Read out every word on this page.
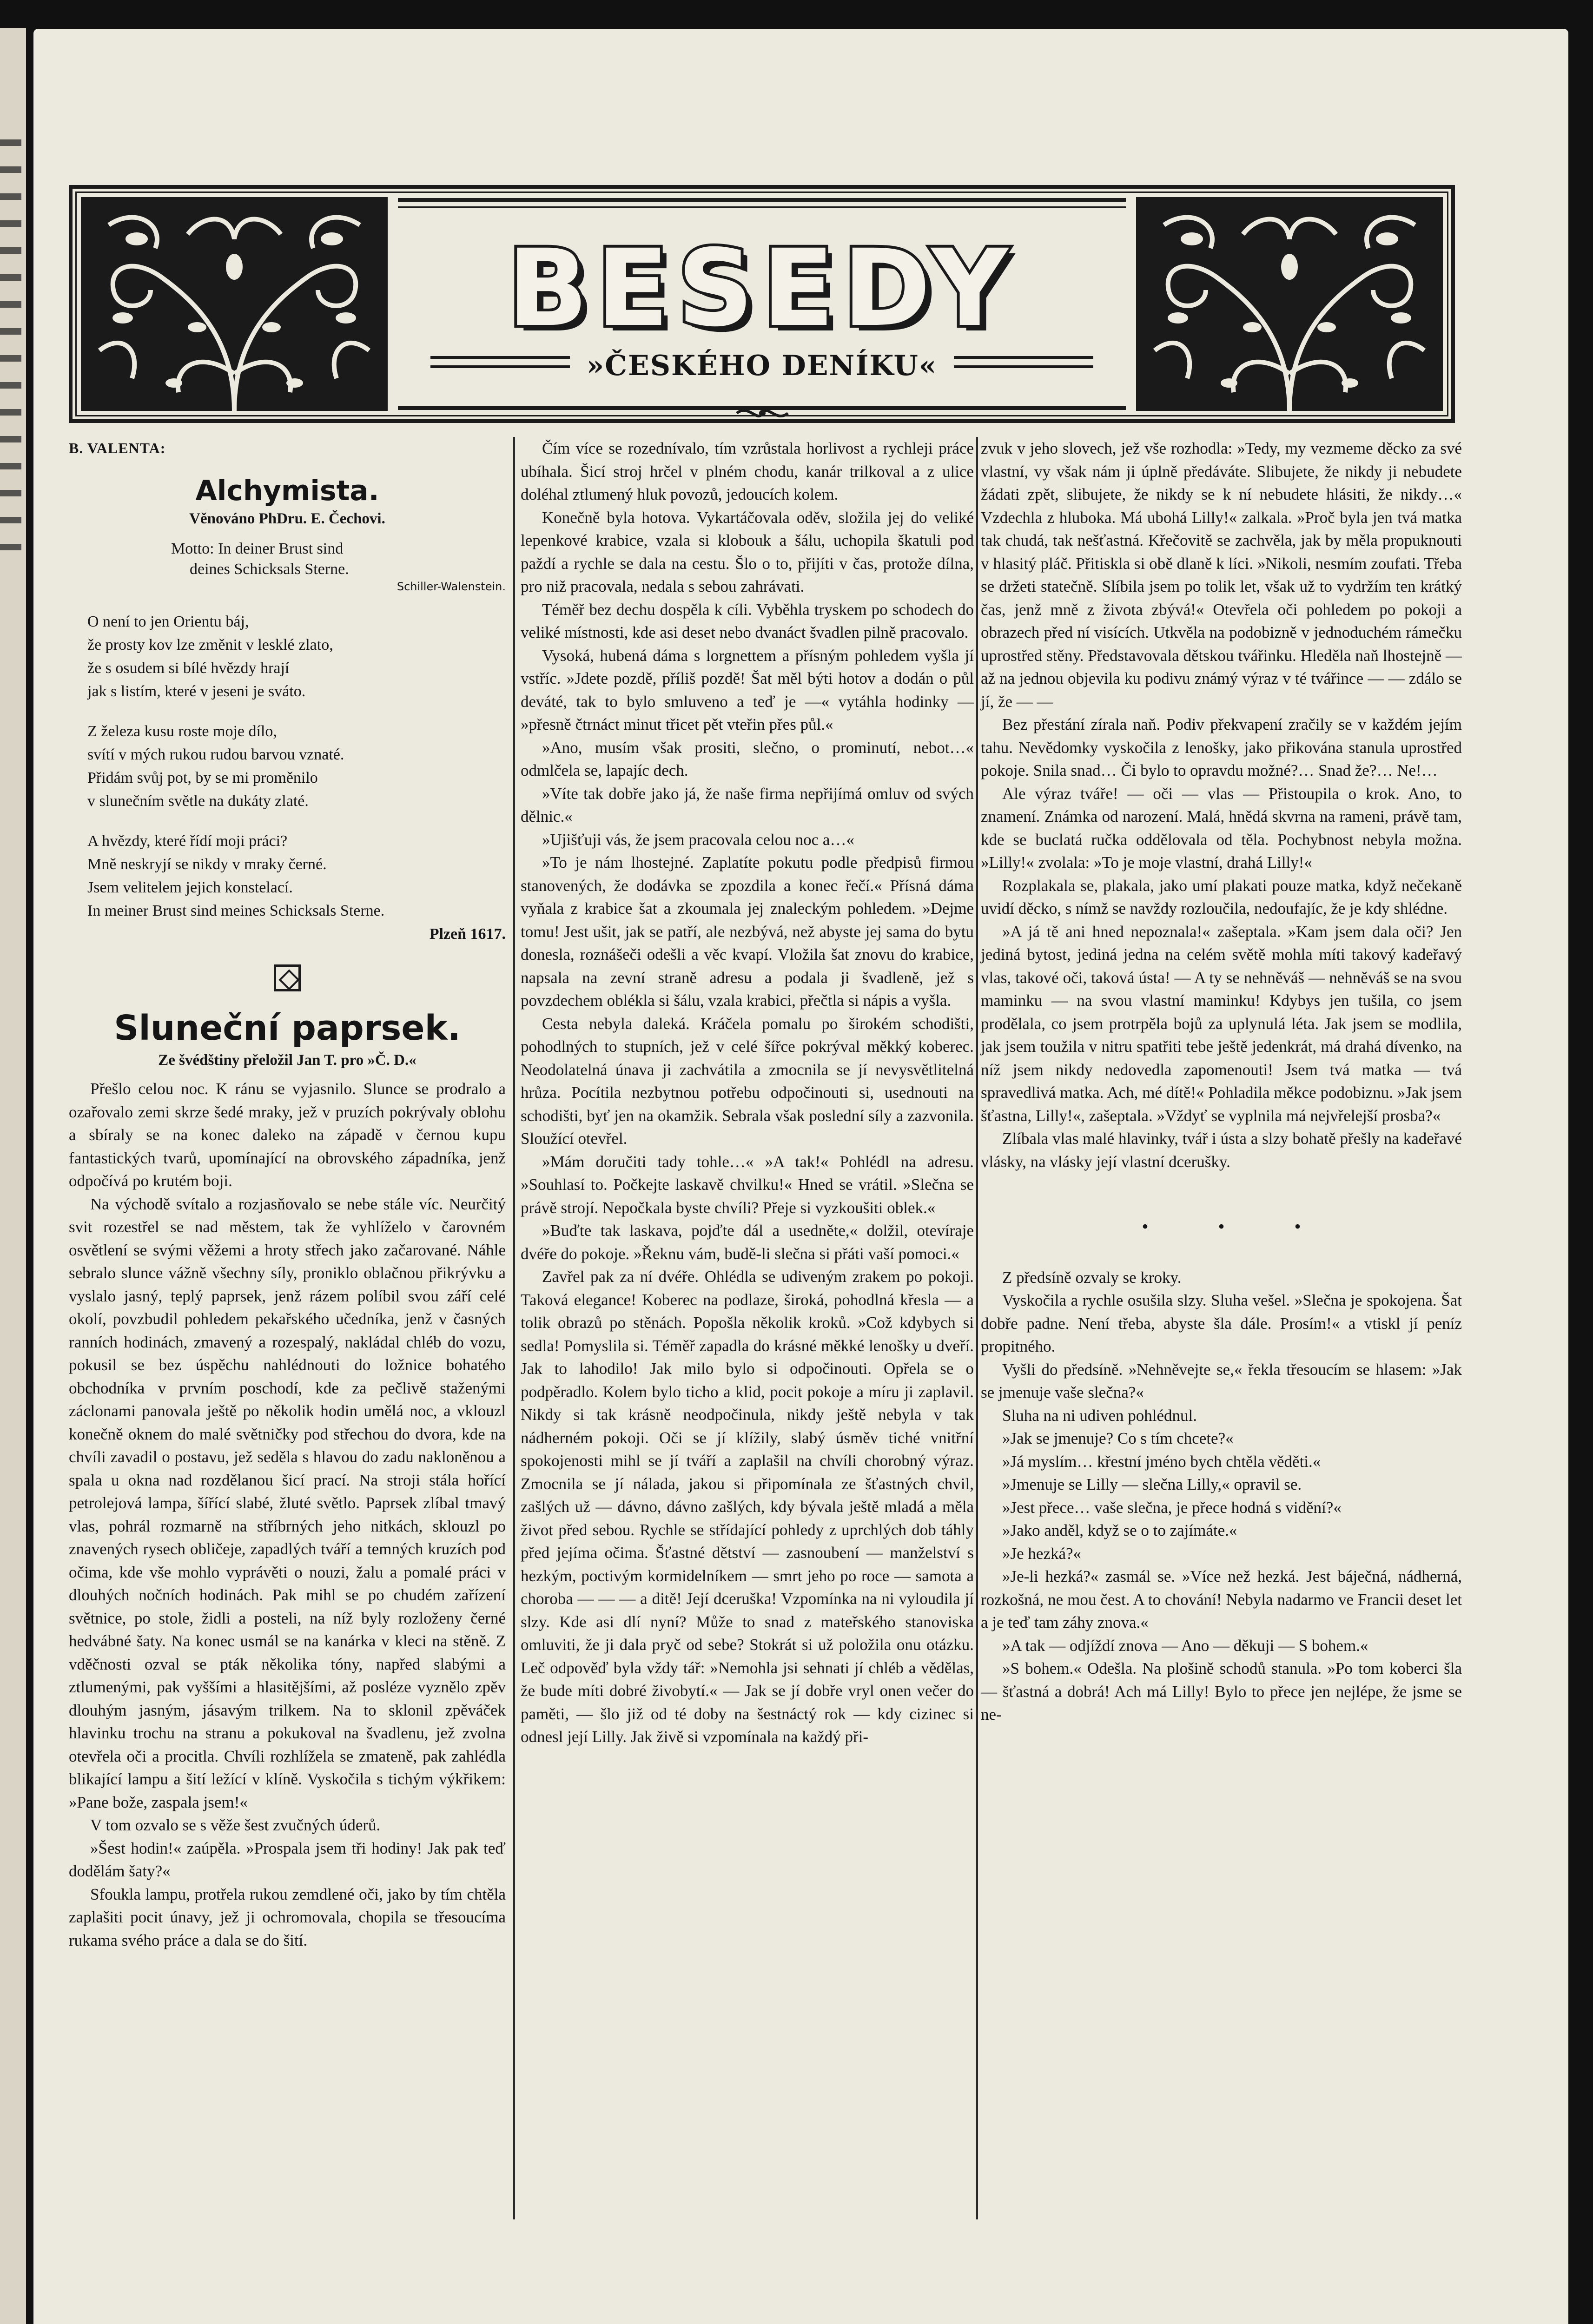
BESEDY
»ČESKÉHO DENÍKU«
B. VALENTA:
Alchymista.
Věnováno PhDru. E. Čechovi.
Motto: In deiner Brust sind
deines Schicksals Sterne.
Schiller-Walenstein.
O není to jen Orientu báj,
že prosty kov lze změnit v lesklé zlato,
že s osudem si bílé hvězdy hrají
jak s listím, které v jeseni je sváto.
Z železa kusu roste moje dílo,
svítí v mých rukou rudou barvou vznaté.
Přidám svůj pot, by se mi proměnilo
v slunečním světle na dukáty zlaté.
A hvězdy, které řídí moji práci?
Mně neskryjí se nikdy v mraky černé.
Jsem velitelem jejich konstelací.
In meiner Brust sind meines Schicksals Sterne.
Plzeň 1617.
Sluneční paprsek.
Ze švédštiny přeložil Jan T. pro »Č. D.«

Přešlo celou noc. K ránu se vyjasnilo. Slunce se prodralo a ozařovalo zemi skrze šedé mraky, jež v pruzích pokrývaly oblohu a sbíraly se na konec daleko na západě v černou kupu fantastických tvarů, upomínající na obrovského západníka, jenž odpočívá po krutém boji.

Na východě svítalo a rozjasňovalo se nebe stále víc. Neurčitý svit rozestřel se nad městem, tak že vyhlíželo v čarovném osvětlení se svými věžemi a hroty střech jako začarované. Náhle sebralo slunce vážně všechny síly, proniklo oblačnou přikrývku a vyslalo jasný, teplý paprsek, jenž rázem políbil svou září celé okolí, povzbudil pohledem pekařského učedníka, jenž v časných ranních hodinách, zmavený a rozespalý, nakládal chléb do vozu, pokusil se bez úspěchu nahlédnouti do ložnice bohatého obchodníka v prvním poschodí, kde za pečlivě staženými záclonami panovala ještě po několik hodin umělá noc, a vklouzl konečně oknem do malé světničky pod střechou do dvora, kde na chvíli zavadil o postavu, jež seděla s hlavou do zadu nakloněnou a spala u okna nad rozdělanou šicí prací. Na stroji stála hořící petrolejová lampa, šířící slabé, žluté světlo. Paprsek zlíbal tmavý vlas, pohrál rozmarně na stříbrných jeho nitkách, sklouzl po znavených rysech obličeje, zapadlých tváří a temných kruzích pod očima, kde vše mohlo vyprávěti o nouzi, žalu a pomalé práci v dlouhých nočních hodinách. Pak mihl se po chudém zařízení světnice, po stole, židli a posteli, na níž byly rozloženy černé hedvábné šaty. Na konec usmál se na kanárka v kleci na stěně. Z vděčnosti ozval se pták několika tóny, napřed slabými a ztlumenými, pak vyššími a hlasitějšími, až posléze vyznělo zpěv dlouhým jasným, jásavým trilkem. Na to sklonil zpěváček hlavinku trochu na stranu a pokukoval na švadlenu, jež zvolna otevřela oči a procitla. Chvíli rozhlížela se zmateně, pak zahlédla blikající lampu a šití ležící v klíně. Vyskočila s tichým výkřikem: »Pane bože, zaspala jsem!«

V tom ozvalo se s věže šest zvučných úderů.

»Šest hodin!« zaúpěla. »Prospala jsem tři hodiny! Jak pak teď dodělám šaty?«

Sfoukla lampu, protřela rukou zemdlené oči, jako by tím chtěla zaplašiti pocit únavy, jež ji ochromovala, chopila se třesoucíma rukama svého práce a dala se do šití.

Čím více se rozednívalo, tím vzrůstala horlivost a rychleji práce ubíhala. Šicí stroj hrčel v plném chodu, kanár trilkoval a z ulice doléhal ztlumený hluk povozů, jedoucích kolem.

Konečně byla hotova. Vykartáčovala oděv, složila jej do veliké lepenkové krabice, vzala si klobouk a šálu, uchopila škatuli pod paždí a rychle se dala na cestu. Šlo o to, přijíti v čas, protože dílna, pro niž pracovala, nedala s sebou zahrávati.

Téměř bez dechu dospěla k cíli. Vyběhla tryskem po schodech do veliké místnosti, kde asi deset nebo dvanáct švadlen pilně pracovalo.

Vysoká, hubená dáma s lorgnettem a přísným pohledem vyšla jí vstříc. »Jdete pozdě, příliš pozdě! Šat měl býti hotov a dodán o půl deváté, tak to bylo smluveno a teď je —« vytáhla hodinky — »přesně čtrnáct minut třicet pět vteřin přes půl.«

»Ano, musím však prositi, slečno, o prominutí, nebot…« odmlčela se, lapajíc dech.

»Víte tak dobře jako já, že naše firma nepřijímá omluv od svých dělnic.«

»Ujišťuji vás, že jsem pracovala celou noc a…«

»To je nám lhostejné. Zaplatíte pokutu podle předpisů firmou stanovených, že dodávka se zpozdila a konec řečí.« Přísná dáma vyňala z krabice šat a zkoumala jej znaleckým pohledem. »Dejme tomu! Jest ušit, jak se patří, ale nezbývá, než abyste jej sama do bytu donesla, roznášeči odešli a věc kvapí. Vložila šat znovu do krabice, napsala na zevní straně adresu a podala ji švadleně, jež s povzdechem oblékla si šálu, vzala krabici, přečtla si nápis a vyšla.

Cesta nebyla daleká. Kráčela pomalu po širokém schodišti, pohodlných to stupních, jež v celé šířce pokrýval měkký koberec. Neodolatelná únava ji zachvátila a zmocnila se jí nevysvětlitelná hrůza. Pocítila nezbytnou potřebu odpočinouti si, usednouti na schodišti, byť jen na okamžik. Sebrala však poslední síly a zazvonila. Sloužící otevřel.

»Mám doručiti tady tohle…« »A tak!« Pohlédl na adresu. »Souhlasí to. Počkejte laskavě chvilku!« Hned se vrátil. »Slečna se právě strojí. Nepočkala byste chvíli? Přeje si vyzkoušiti oblek.«

»Buďte tak laskava, pojďte dál a usedněte,« dolžil, otevíraje dvéře do pokoje. »Řeknu vám, budě-li slečna si přáti vaší pomoci.«

Zavřel pak za ní dvéře. Ohlédla se udiveným zrakem po pokoji. Taková elegance! Koberec na podlaze, široká, pohodlná křesla — a tolik obrazů po stěnách. Popošla několik kroků. »Což kdybych si sedla! Pomyslila si. Téměř zapadla do krásné měkké lenošky u dveří. Jak to lahodilo! Jak milo bylo si odpočinouti. Opřela se o podpěradlo. Kolem bylo ticho a klid, pocit pokoje a míru ji zaplavil. Nikdy si tak krásně neodpočinula, nikdy ještě nebyla v tak nádherném pokoji. Oči se jí klížily, slabý úsměv tiché vnitřní spokojenosti mihl se jí tváří a zaplašil na chvíli chorobný výraz. Zmocnila se jí nálada, jakou si připomínala ze šťastných chvil, zašlých už — dávno, dávno zašlých, kdy bývala ještě mladá a měla život před sebou. Rychle se střídající pohledy z uprchlých dob táhly před jejíma očima. Šťastné dětství — zasnoubení — manželství s hezkým, poctivým kormidelníkem — smrt jeho po roce — samota a choroba — — — a ditě! Její dceruška! Vzpomínka na ni vyloudila jí slzy. Kde asi dlí nyní? Může to snad z mateřského stanoviska omluviti, že ji dala pryč od sebe? Stokrát si už položila onu otázku. Leč odpověď byla vždy tář: »Nemohla jsi sehnati jí chléb a vědělas, že bude míti dobré živobytí.« — Jak se jí dobře vryl onen večer do paměti, — šlo již od té doby na šestnáctý rok — kdy cizinec si odnesl její Lilly. Jak živě si vzpomínala na každý při-

zvuk v jeho slovech, jež vše rozhodla: »Tedy, my vezmeme děcko za své vlastní, vy však nám ji úplně předáváte. Slibujete, že nikdy ji nebudete žádati zpět, slibujete, že nikdy se k ní nebudete hlásiti, že nikdy…« Vzdechla z hluboka. Má ubohá Lilly!« zalkala. »Proč byla jen tvá matka tak chudá, tak nešťastná. Křečovitě se zachvěla, jak by měla propuknouti v hlasitý pláč. Přitiskla si obě dlaně k líci. »Nikoli, nesmím zoufati. Třeba se držeti statečně. Slíbila jsem po tolik let, však už to vydržím ten krátký čas, jenž mně z života zbývá!« Otevřela oči pohledem po pokoji a obrazech před ní visících. Utkvěla na podobizně v jednoduchém rámečku uprostřed stěny. Představovala dětskou tvářinku. Hleděla naň lhostejně — až na jednou objevila ku podivu známý výraz v té tvářince — — zdálo se jí, že — —

Bez přestání zírala naň. Podiv překvapení zračily se v každém jejím tahu. Nevědomky vyskočila z lenošky, jako přikována stanula uprostřed pokoje. Snila snad… Či bylo to opravdu možné?… Snad že?… Ne!…

Ale výraz tváře! — oči — vlas — Přistoupila o krok. Ano, to znamení. Známka od narození. Malá, hnědá skvrna na rameni, právě tam, kde se buclatá ručka oddělovala od těla. Pochybnost nebyla možna. »Lilly!« zvolala: »To je moje vlastní, drahá Lilly!«

Rozplakala se, plakala, jako umí plakati pouze matka, když nečekaně uvidí děcko, s nímž se navždy rozloučila, nedoufajíc, že je kdy shlédne.

»A já tě ani hned nepoznala!« zašeptala. »Kam jsem dala oči? Jen jediná bytost, jediná jedna na celém světě mohla míti takový kadeřavý vlas, takové oči, taková ústa! — A ty se nehněváš — nehněváš se na svou maminku — na svou vlastní maminku! Kdybys jen tušila, co jsem prodělala, co jsem protrpěla bojů za uplynulá léta. Jak jsem se modlila, jak jsem toužila v nitru spatřiti tebe ještě jedenkrát, má drahá dívenko, na níž jsem nikdy nedovedla zapomenouti! Jsem tvá matka — tvá spravedlivá matka. Ach, mé dítě!« Pohladila měkce podobiznu. »Jak jsem šťastna, Lilly!«, zašeptala. »Vždyť se vyplnila má nejvřelejší prosba?«

Zlíbala vlas malé hlavinky, tvář i ústa a slzy bohatě přešly na kadeřavé vlásky, na vlásky její vlastní dcerušky.

•••

Z předsíně ozvaly se kroky.

Vyskočila a rychle osušila slzy. Sluha vešel. »Slečna je spokojena. Šat dobře padne. Není třeba, abyste šla dále. Prosím!« a vtiskl jí peníz propitného.

Vyšli do předsíně. »Nehněvejte se,« řekla třesoucím se hlasem: »Jak se jmenuje vaše slečna?«

Sluha na ni udiven pohlédnul.

»Jak se jmenuje? Co s tím chcete?«

»Já myslím… křestní jméno bych chtěla věděti.«

»Jmenuje se Lilly — slečna Lilly,« opravil se.

»Jest přece… vaše slečna, je přece hodná s vidění?«

»Jako anděl, když se o to zajímáte.«

»Je hezká?«

»Je-li hezká?« zasmál se. »Více než hezká. Jest báječná, nádherná, rozkošná, ne mou čest. A to chování! Nebyla nadarmo ve Francii deset let a je teď tam záhy znova.«

»A tak — odjíždí znova — Ano — děkuji — S bohem.«

»S bohem.« Odešla. Na plošině schodů stanula. »Po tom koberci šla — šťastná a dobrá! Ach má Lilly! Bylo to přece jen nejlépe, že jsme se ne-
